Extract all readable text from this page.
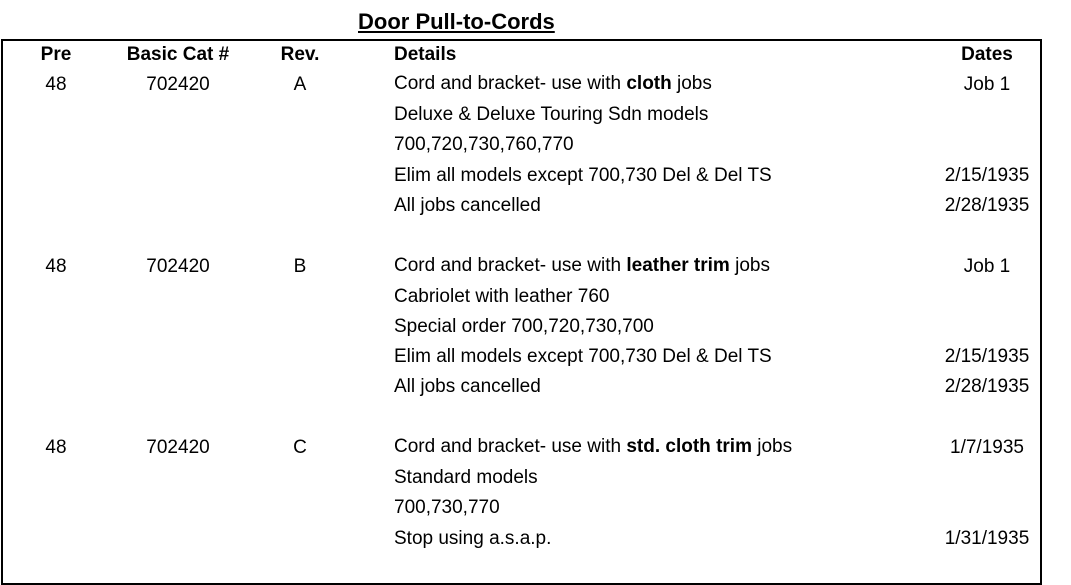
Door Pull-to-Cords
Pre	Basic Cat #	Rev.	Details	Dates
48	702420	A	Cord and bracket- use with cloth jobs	Job 1
Deluxe & Deluxe Touring Sdn models
700,720,730,760,770
Elim all models except 700,730 Del & Del TS	2/15/1935
All jobs cancelled	2/28/1935
48	702420	B	Cord and bracket- use with leather trim jobs	Job 1
Cabriolet with leather 760
Special order 700,720,730,700
Elim all models except 700,730 Del & Del TS	2/15/1935
All jobs cancelled	2/28/1935
48	702420	C	Cord and bracket- use with std. cloth trim jobs	1/7/1935
Standard models
700,730,770
Stop using a.s.a.p.	1/31/1935
